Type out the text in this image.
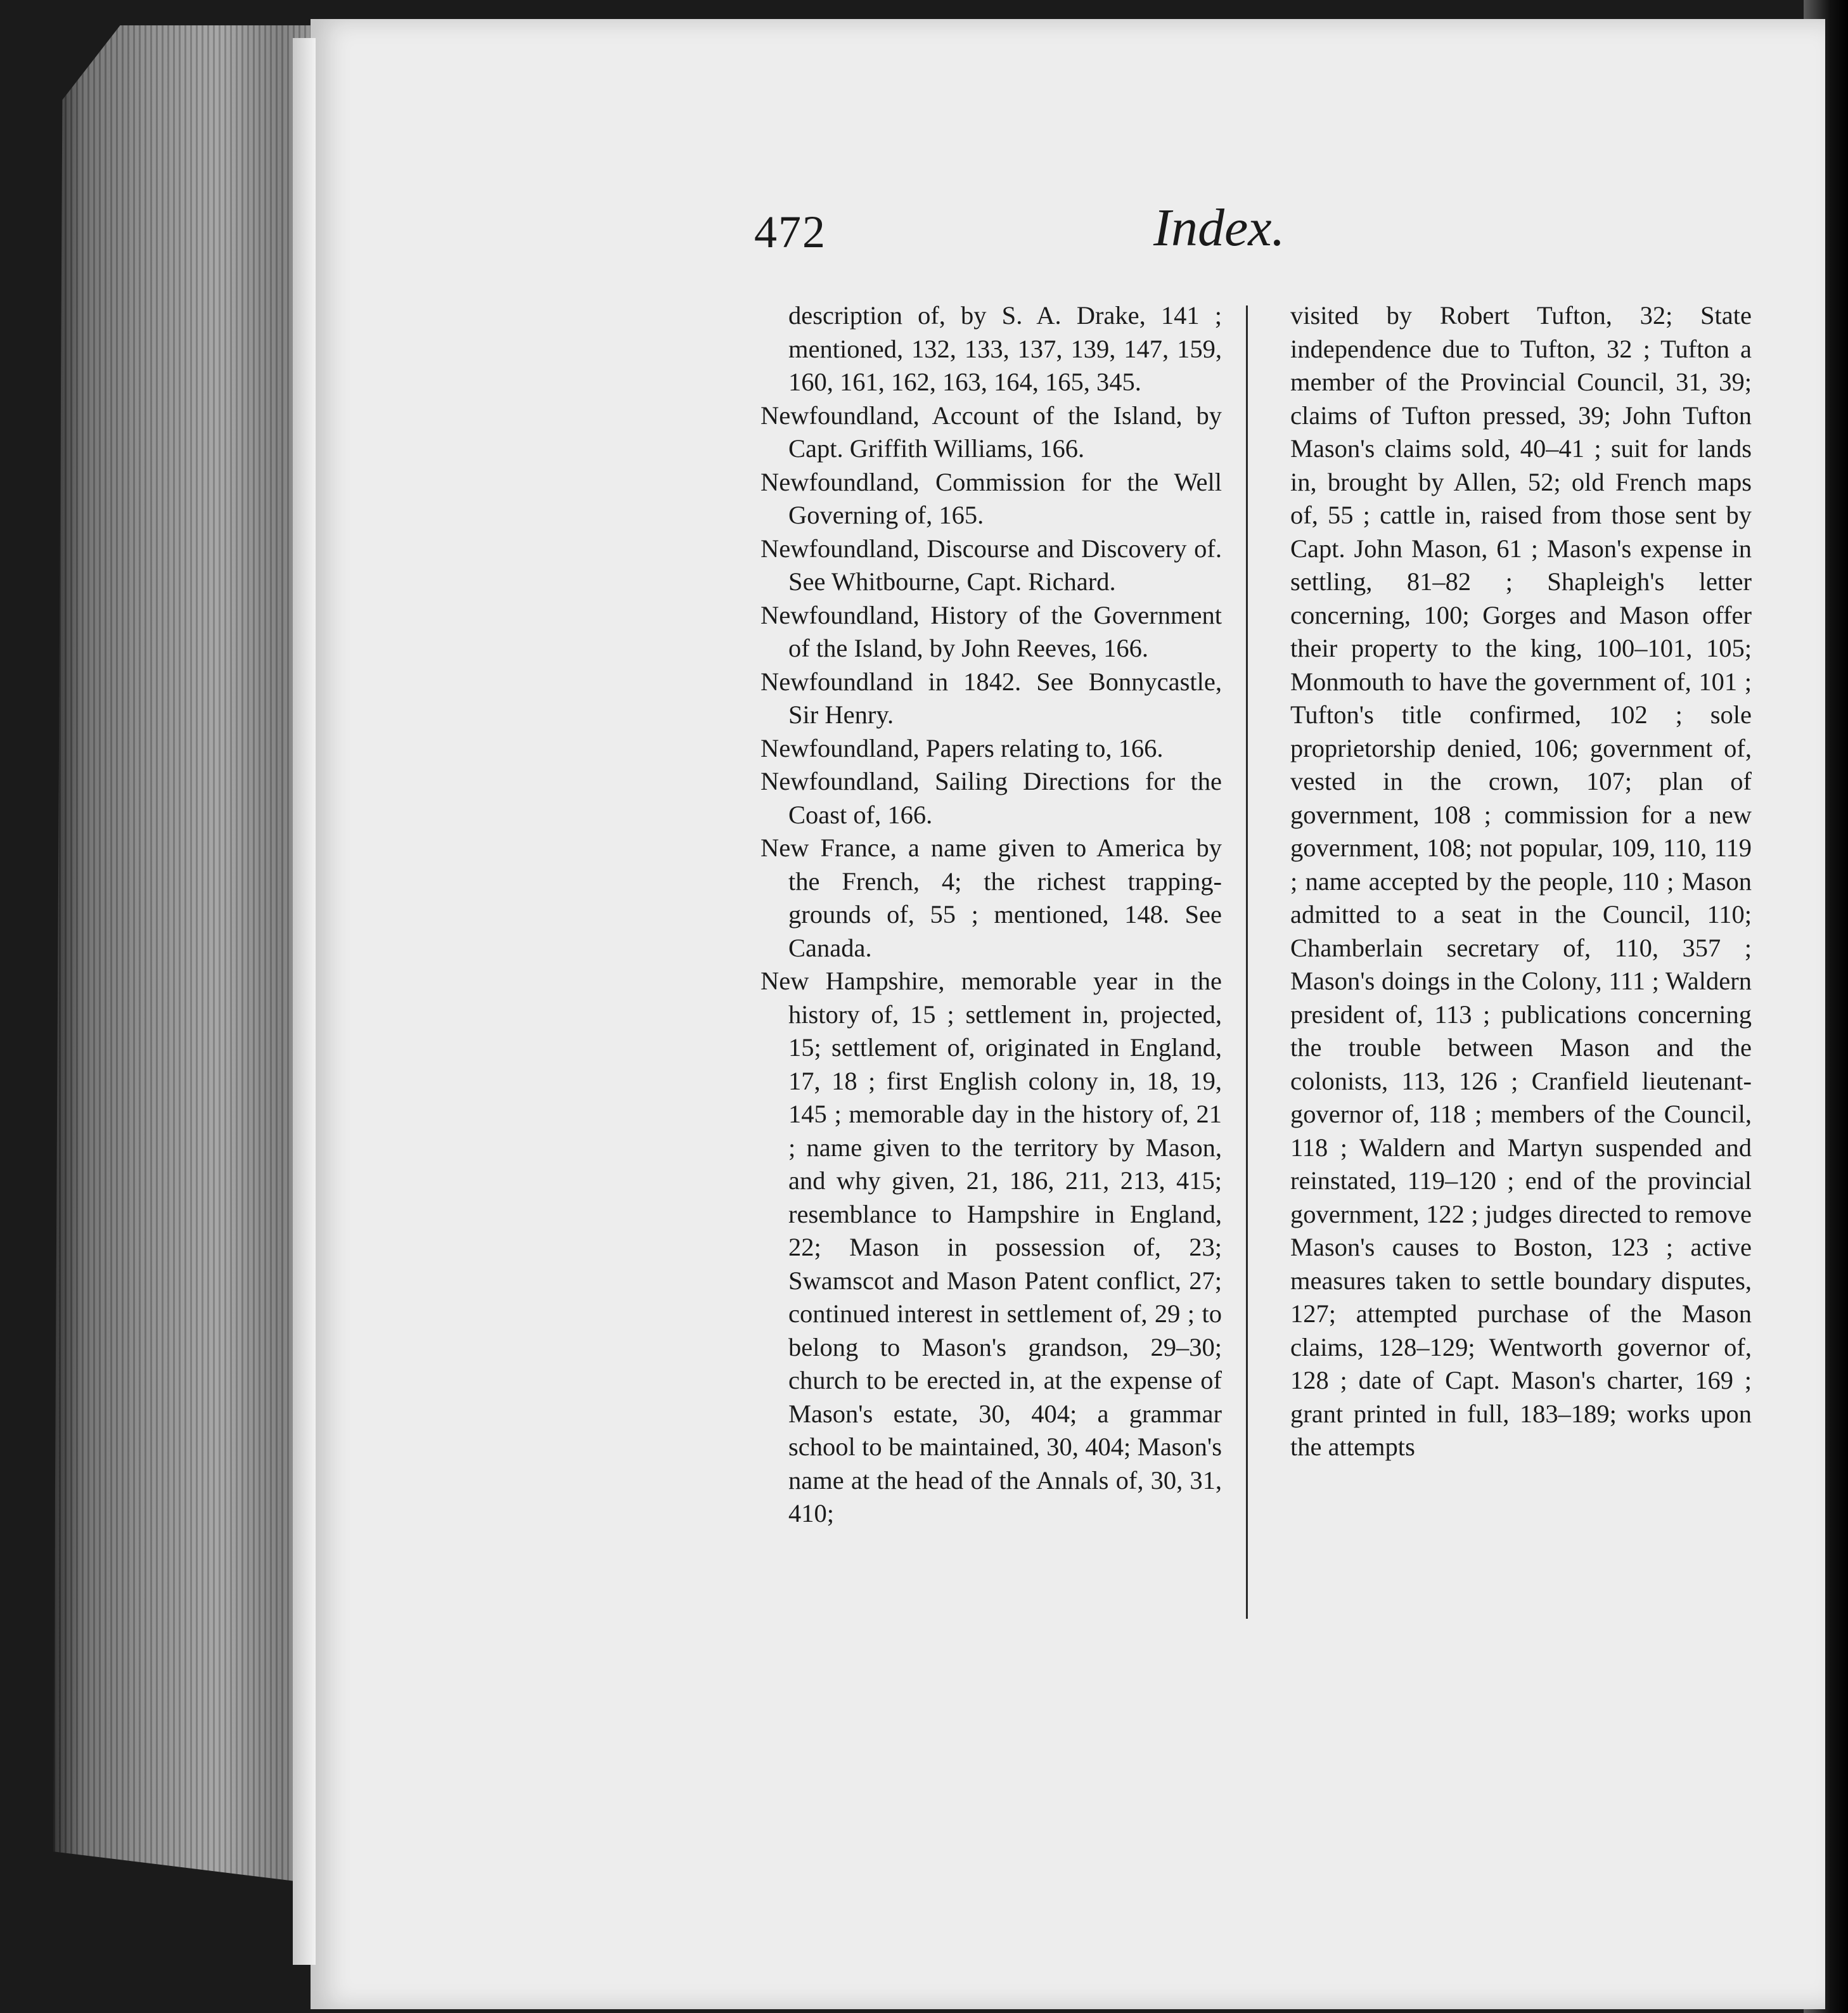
472	Index.

description of, by S. A. Drake, 141 ; mentioned, 132, 133, 137, 139, 147, 159, 160, 161, 162, 163, 164, 165, 345.

Newfoundland, Account of the Island, by Capt. Griffith Williams, 166.

Newfoundland, Commission for the Well Governing of, 165.

Newfoundland, Discourse and Discovery of. See Whitbourne, Capt. Richard.

Newfoundland, History of the Government of the Island, by John Reeves, 166.

Newfoundland in 1842. See Bonnycastle, Sir Henry.

Newfoundland, Papers relating to, 166.

Newfoundland, Sailing Directions for the Coast of, 166.

New France, a name given to America by the French, 4; the richest trapping-grounds of, 55 ; mentioned, 148. See Canada.

New Hampshire, memorable year in the history of, 15 ; settlement in, projected, 15; settlement of, originated in England, 17, 18 ; first English colony in, 18, 19, 145 ; memorable day in the history of, 21 ; name given to the territory by Mason, and why given, 21, 186, 211, 213, 415; resemblance to Hampshire in England, 22; Mason in possession of, 23; Swamscot and Mason Patent conflict, 27; continued interest in settlement of, 29 ; to belong to Mason's grandson, 29–30; church to be erected in, at the expense of Mason's estate, 30, 404; a grammar school to be maintained, 30, 404; Mason's name at the head of the Annals of, 30, 31, 410;

visited by Robert Tufton, 32; State independence due to Tufton, 32 ; Tufton a member of the Provincial Council, 31, 39; claims of Tufton pressed, 39; John Tufton Mason's claims sold, 40–41 ; suit for lands in, brought by Allen, 52; old French maps of, 55 ; cattle in, raised from those sent by Capt. John Mason, 61 ; Mason's expense in settling, 81–82 ; Shapleigh's letter concerning, 100; Gorges and Mason offer their property to the king, 100–101, 105; Monmouth to have the government of, 101 ; Tufton's title confirmed, 102 ; sole proprietorship denied, 106; government of, vested in the crown, 107; plan of government, 108 ; commission for a new government, 108; not popular, 109, 110, 119 ; name accepted by the people, 110 ; Mason admitted to a seat in the Council, 110; Chamberlain secretary of, 110, 357 ; Mason's doings in the Colony, 111 ; Waldern president of, 113 ; publications concerning the trouble between Mason and the colonists, 113, 126 ; Cranfield lieutenant-governor of, 118 ; members of the Council, 118 ; Waldern and Martyn suspended and reinstated, 119–120 ; end of the provincial government, 122 ; judges directed to remove Mason's causes to Boston, 123 ; active measures taken to settle boundary disputes, 127; attempted purchase of the Mason claims, 128–129; Wentworth governor of, 128 ; date of Capt. Mason's charter, 169 ; grant printed in full, 183–189; works upon the attempts
